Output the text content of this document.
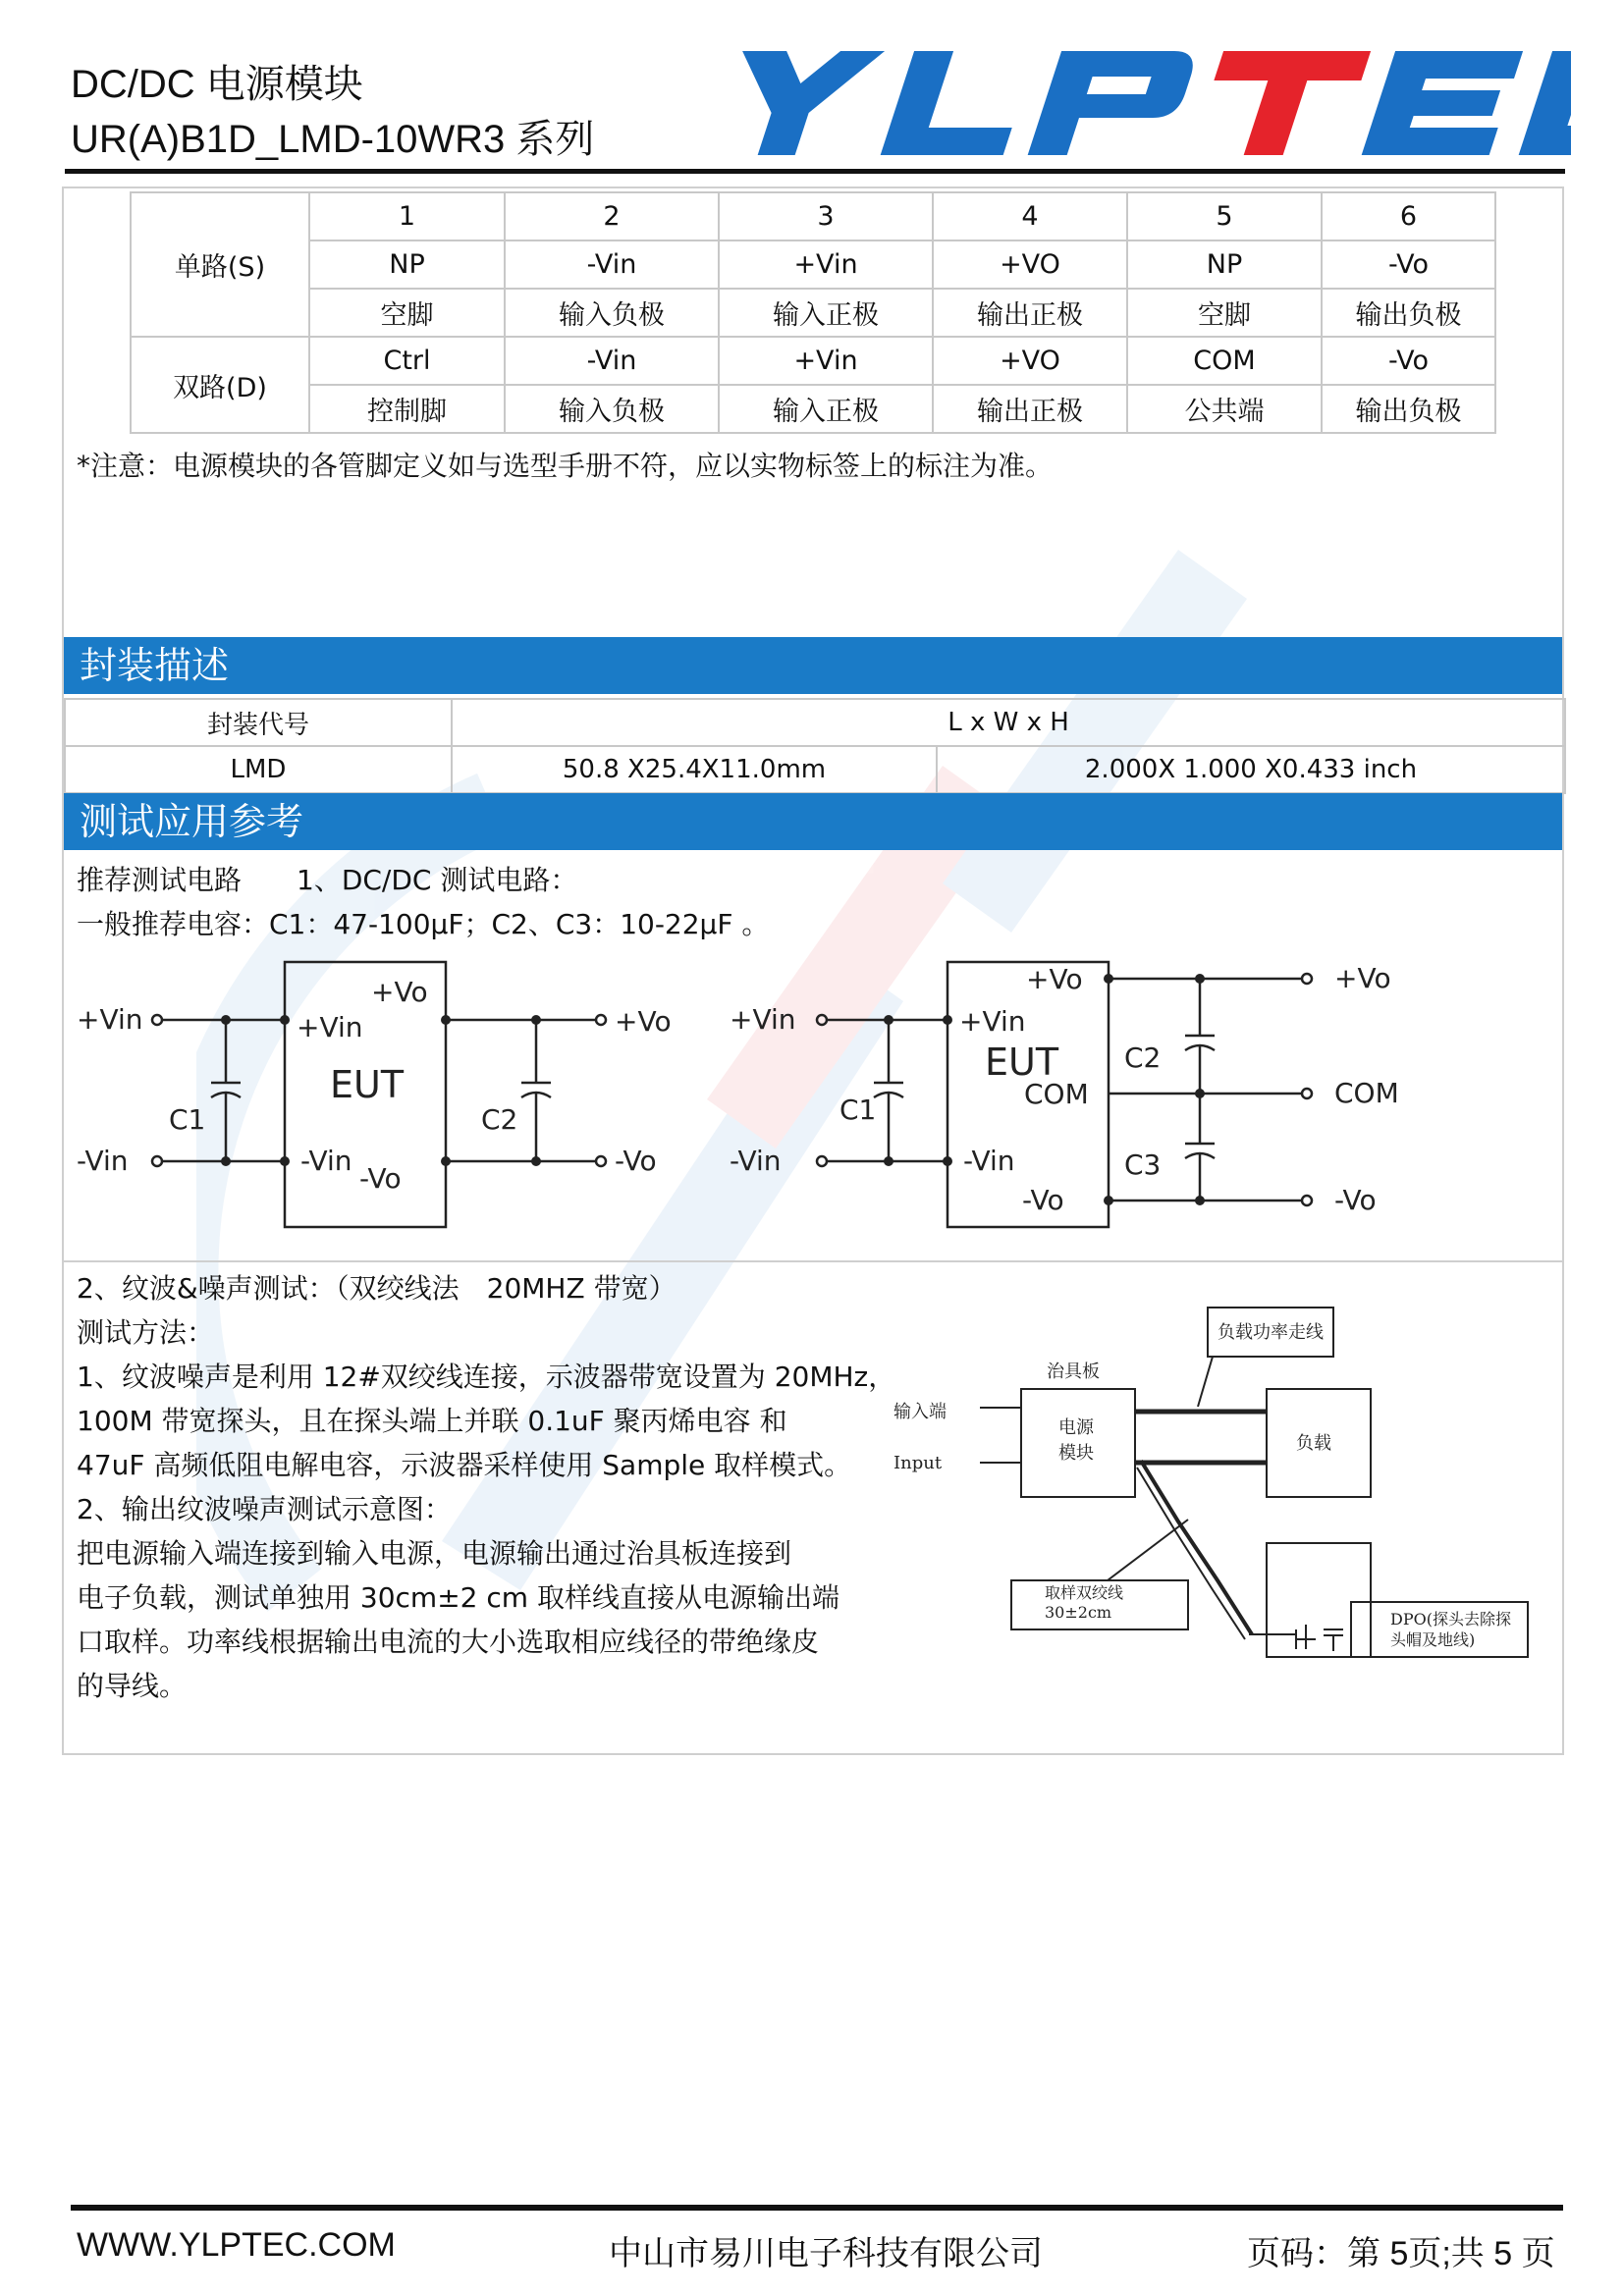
DC/DC 电源模块
UR(A)B1D_LMD-10WR3 系列
单路(S)	1	2	3	4	5	6
	NP	-Vin	+Vin	+VO	NP	-Vo
	空脚	输入负极	输入正极	输出正极	空脚	输出负极
双路(D)	Ctrl	-Vin	+Vin	+VO	COM	-Vo
	控制脚	输入负极	输入正极	输出正极	公共端	输出负极
*注意：电源模块的各管脚定义如与选型手册不符，应以实物标签上的标注为准。
封装描述
封装代号	L x W x H	
LMD	50.8 X25.4X11.0mm	2.000X 1.000 X0.433 inch
测试应用参考
推荐测试电路　　1、DC/DC 测试电路：
一般推荐电容：C1：47-100μF；C2、C3：10-22μF 。
+Vin
-Vin
+Vin
+Vo
EUT
-Vin
-Vo
C1	C2
+Vo
-Vo
+Vin
-Vin
+Vo
+Vin
EUT
COM
-Vin
-Vo
C1
C2
C3
+Vo
COM
-Vo
2、纹波&噪声测试：（双绞线法　20MHZ 带宽）
测试方法：
1、纹波噪声是利用 12#双绞线连接，示波器带宽设置为 20MHz，
100M 带宽探头，且在探头端上并联 0.1uF 聚丙烯电容 和
47uF 高频低阻电解电容，示波器采样使用 Sample 取样模式。
2、输出纹波噪声测试示意图：
把电源输入端连接到输入电源，电源输出通过治具板连接到
电子负载，测试单独用 30cm±2 cm 取样线直接从电源输出端
口取样。功率线根据输出电流的大小选取相应线径的带绝缘皮
的导线。
负载功率走线
治具板
输入端
Input
电源
模块	负载
取样双绞线
30±2cm	DPO(探头去除探
头帽及地线)
WWW.YLPTEC.COM	中山市易川电子科技有限公司	页码：第 5页;共 5 页
